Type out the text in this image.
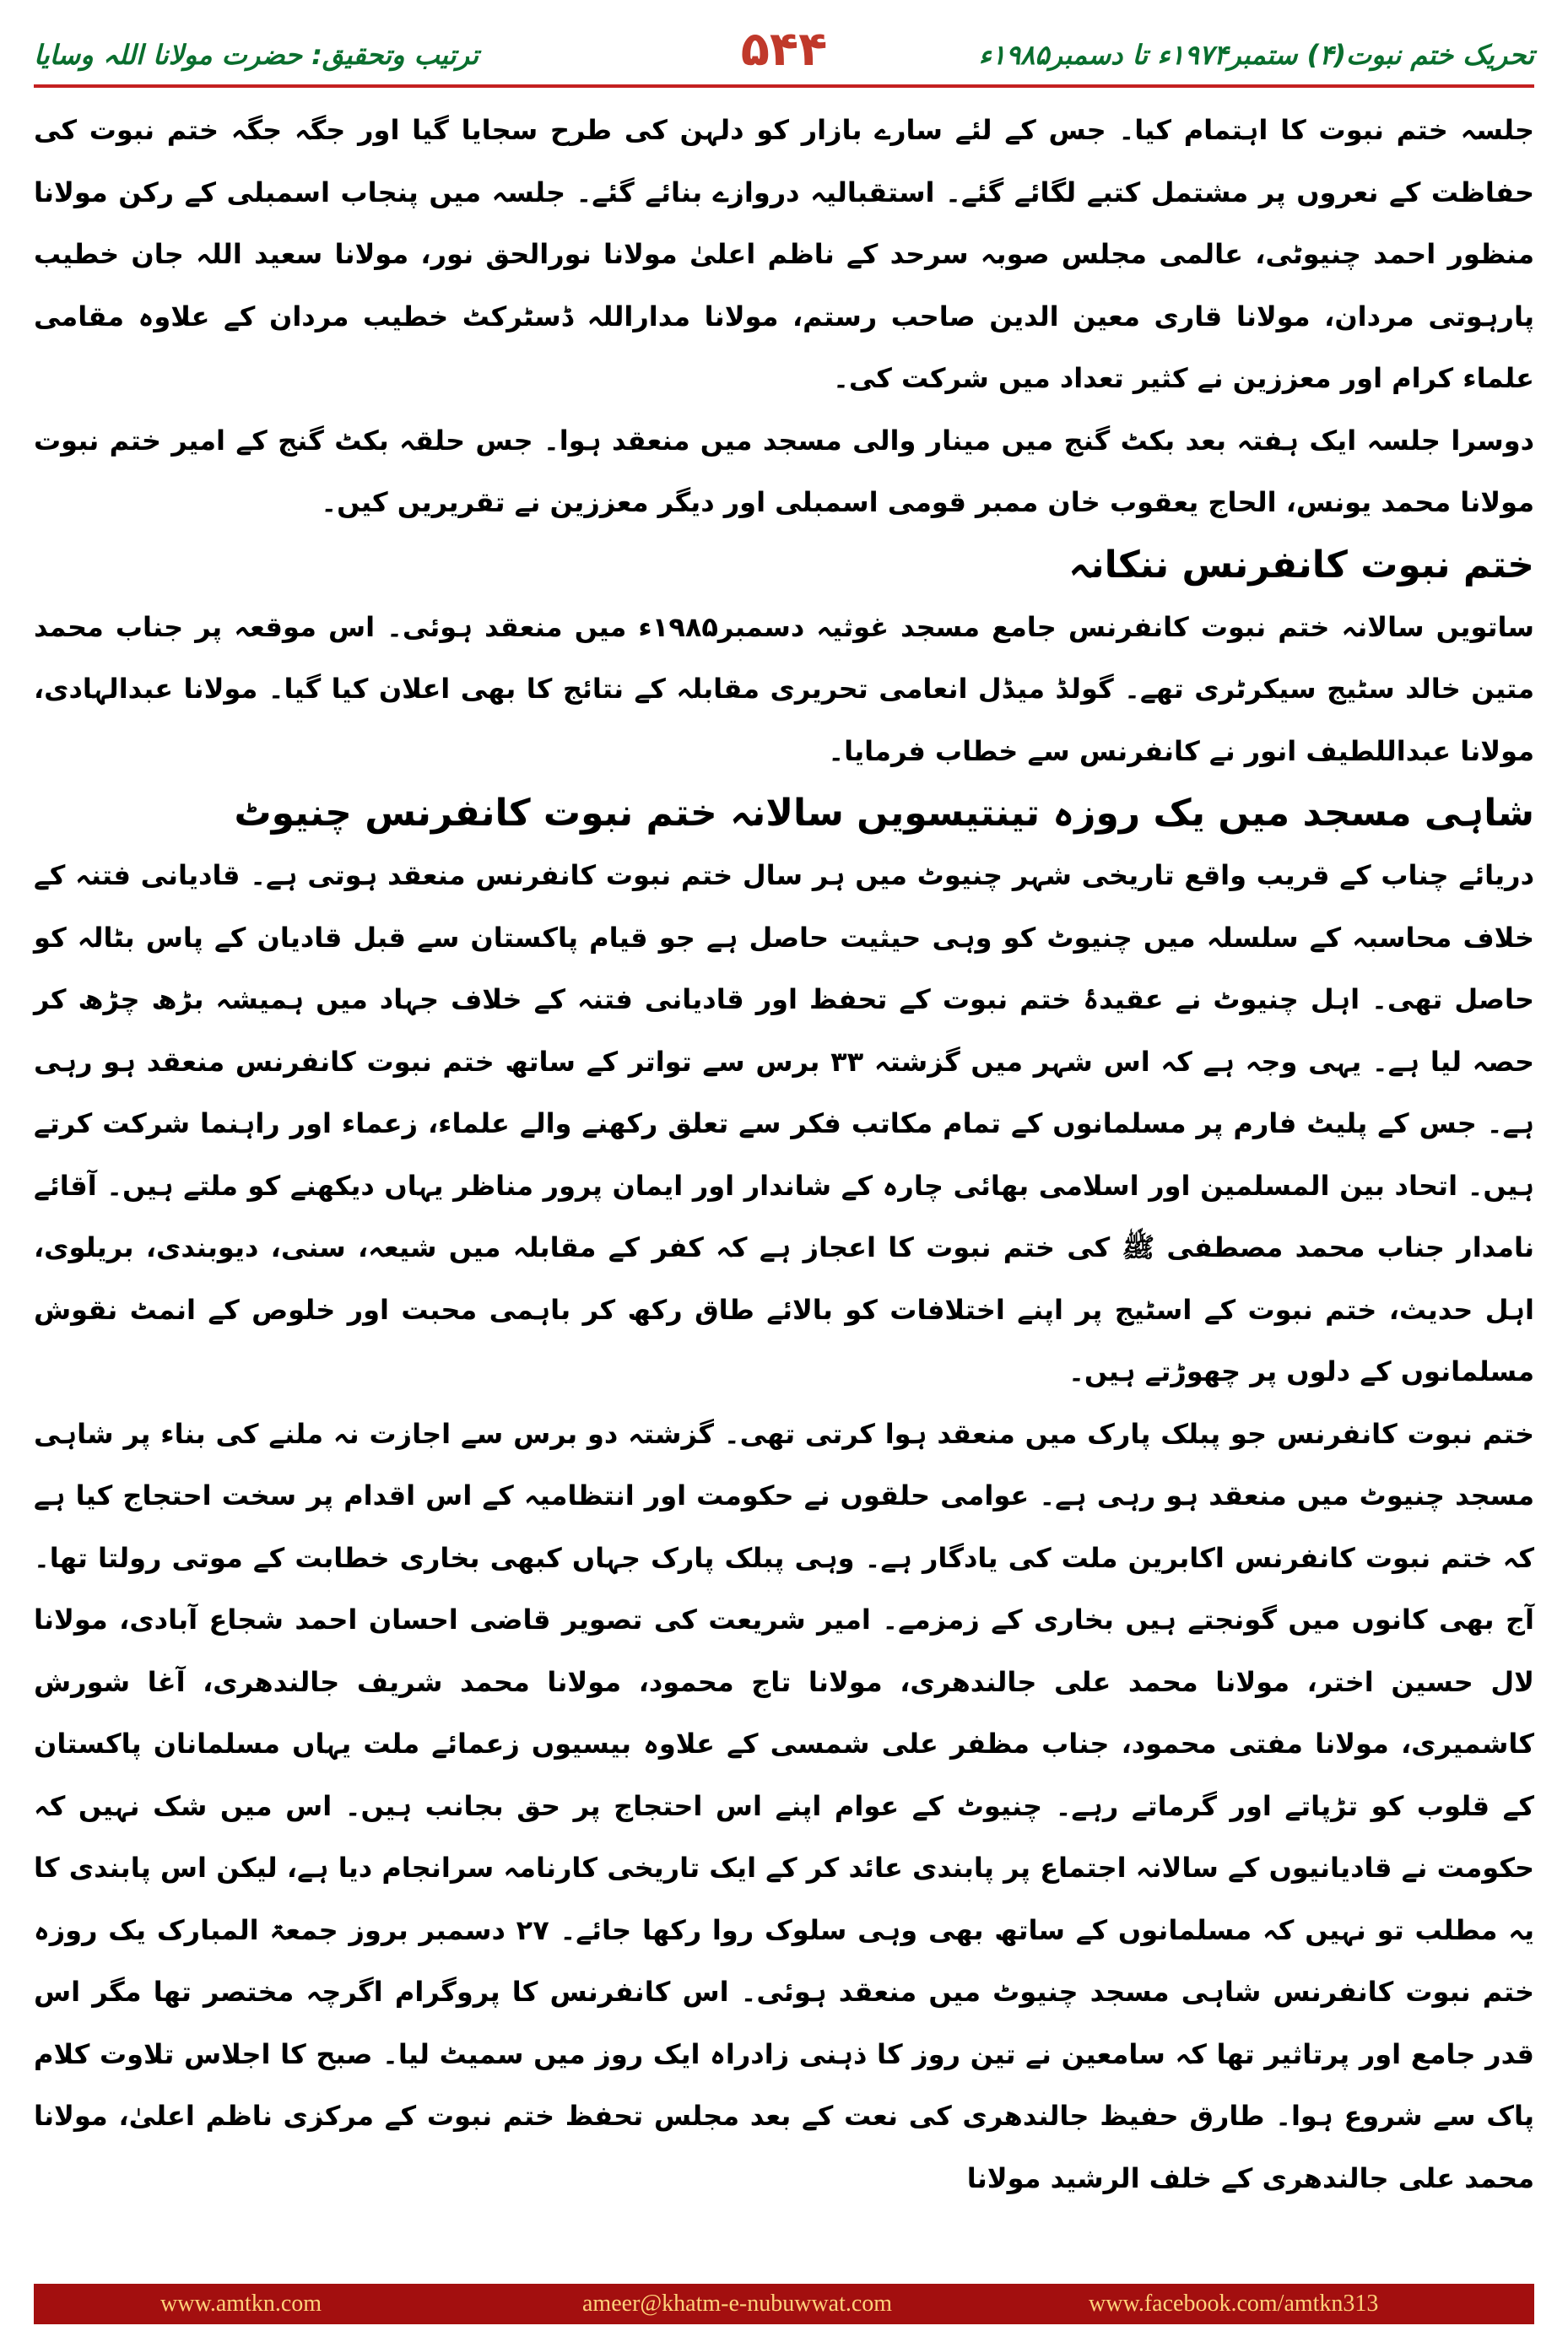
ترتیب وتحقیق: حضرت مولانا اللہ وسایا	۵۴۴	تحریک ختم نبوت(۴) ستمبر۱۹۷۴ء تا دسمبر۱۹۸۵ء

جلسہ ختم نبوت کا اہتمام کیا۔ جس کے لئے سارے بازار کو دلہن کی طرح سجایا گیا اور جگہ جگہ ختم نبوت کی حفاظت کے نعروں پر مشتمل کتبے لگائے گئے۔ استقبالیہ دروازے بنائے گئے۔ جلسہ میں پنجاب اسمبلی کے رکن مولانا منظور احمد چنیوٹی، عالمی مجلس صوبہ سرحد کے ناظم اعلیٰ مولانا نورالحق نور، مولانا سعید اللہ جان خطیب پارہوتی مردان، مولانا قاری معین الدین صاحب رستم، مولانا مداراللہ ڈسٹرکٹ خطیب مردان کے علاوہ مقامی علماء کرام اور معززین نے کثیر تعداد میں شرکت کی۔

دوسرا جلسہ ایک ہفتہ بعد بکٹ گنج میں مینار والی مسجد میں منعقد ہوا۔ جس حلقہ بکٹ گنج کے امیر ختم نبوت مولانا محمد یونس، الحاج یعقوب خان ممبر قومی اسمبلی اور دیگر معززین نے تقریریں کیں۔

ختم نبوت کانفرنس ننکانہ

ساتویں سالانہ ختم نبوت کانفرنس جامع مسجد غوثیہ دسمبر۱۹۸۵ء میں منعقد ہوئی۔ اس موقعہ پر جناب محمد متین خالد سٹیج سیکرٹری تھے۔ گولڈ میڈل انعامی تحریری مقابلہ کے نتائج کا بھی اعلان کیا گیا۔ مولانا عبدالہادی، مولانا عبداللطیف انور نے کانفرنس سے خطاب فرمایا۔

شاہی مسجد میں یک روزہ تینتیسویں سالانہ ختم نبوت کانفرنس چنیوٹ

دریائے چناب کے قریب واقع تاریخی شہر چنیوٹ میں ہر سال ختم نبوت کانفرنس منعقد ہوتی ہے۔ قادیانی فتنہ کے خلاف محاسبہ کے سلسلہ میں چنیوٹ کو وہی حیثیت حاصل ہے جو قیام پاکستان سے قبل قادیان کے پاس بٹالہ کو حاصل تھی۔ اہل چنیوٹ نے عقیدۂ ختم نبوت کے تحفظ اور قادیانی فتنہ کے خلاف جہاد میں ہمیشہ بڑھ چڑھ کر حصہ لیا ہے۔ یہی وجہ ہے کہ اس شہر میں گزشتہ ۳۳ برس سے تواتر کے ساتھ ختم نبوت کانفرنس منعقد ہو رہی ہے۔ جس کے پلیٹ فارم پر مسلمانوں کے تمام مکاتب فکر سے تعلق رکھنے والے علماء، زعماء اور راہنما شرکت کرتے ہیں۔ اتحاد بین المسلمین اور اسلامی بھائی چارہ کے شاندار اور ایمان پرور مناظر یہاں دیکھنے کو ملتے ہیں۔ آقائے نامدار جناب محمد مصطفی ﷺ کی ختم نبوت کا اعجاز ہے کہ کفر کے مقابلہ میں شیعہ، سنی، دیوبندی، بریلوی، اہل حدیث، ختم نبوت کے اسٹیج پر اپنے اختلافات کو بالائے طاق رکھ کر باہمی محبت اور خلوص کے انمٹ نقوش مسلمانوں کے دلوں پر چھوڑتے ہیں۔

ختم نبوت کانفرنس جو پبلک پارک میں منعقد ہوا کرتی تھی۔ گزشتہ دو برس سے اجازت نہ ملنے کی بناء پر شاہی مسجد چنیوٹ میں منعقد ہو رہی ہے۔ عوامی حلقوں نے حکومت اور انتظامیہ کے اس اقدام پر سخت احتجاج کیا ہے کہ ختم نبوت کانفرنس اکابرین ملت کی یادگار ہے۔ وہی پبلک پارک جہاں کبھی بخاری خطابت کے موتی رولتا تھا۔ آج بھی کانوں میں گونجتے ہیں بخاری کے زمزمے۔ امیر شریعت کی تصویر قاضی احسان احمد شجاع آبادی، مولانا لال حسین اختر، مولانا محمد علی جالندھری، مولانا تاج محمود، مولانا محمد شریف جالندھری، آغا شورش کاشمیری، مولانا مفتی محمود، جناب مظفر علی شمسی کے علاوہ بیسیوں زعمائے ملت یہاں مسلمانان پاکستان کے قلوب کو تڑپاتے اور گرماتے رہے۔ چنیوٹ کے عوام اپنے اس احتجاج پر حق بجانب ہیں۔ اس میں شک نہیں کہ حکومت نے قادیانیوں کے سالانہ اجتماع پر پابندی عائد کر کے ایک تاریخی کارنامہ سرانجام دیا ہے، لیکن اس پابندی کا یہ مطلب تو نہیں کہ مسلمانوں کے ساتھ بھی وہی سلوک روا رکھا جائے۔ ۲۷ دسمبر بروز جمعۃ المبارک یک روزہ ختم نبوت کانفرنس شاہی مسجد چنیوٹ میں منعقد ہوئی۔ اس کانفرنس کا پروگرام اگرچہ مختصر تھا مگر اس قدر جامع اور پرتاثیر تھا کہ سامعین نے تین روز کا ذہنی زادراہ ایک روز میں سمیٹ لیا۔ صبح کا اجلاس تلاوت کلام پاک سے شروع ہوا۔ طارق حفیظ جالندھری کی نعت کے بعد مجلس تحفظ ختم نبوت کے مرکزی ناظم اعلیٰ، مولانا محمد علی جالندھری کے خلف الرشید مولانا

www.amtkn.com	ameer@khatm-e-nubuwwat.com	www.facebook.com/amtkn313
